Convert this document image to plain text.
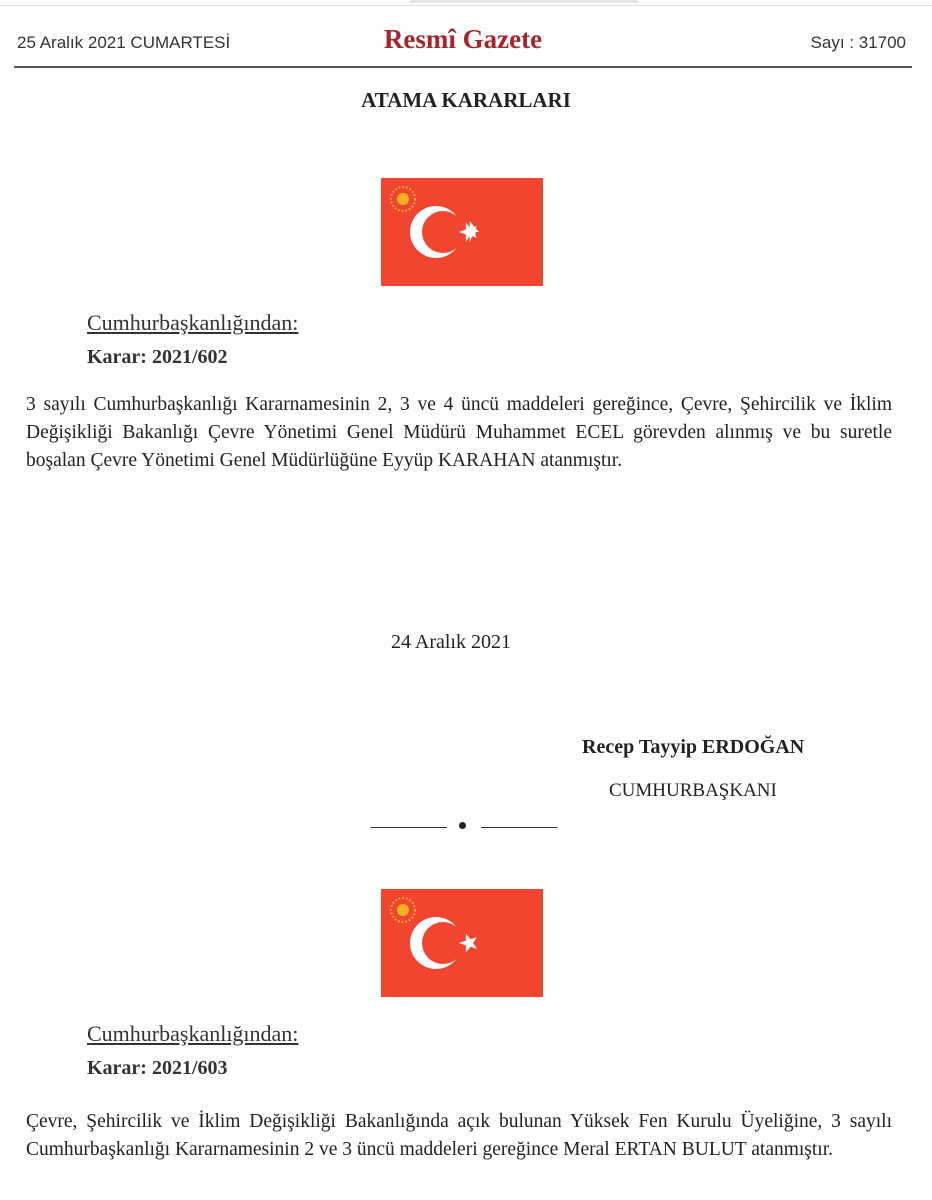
25 Aralık 2021 CUMARTESİ	Resmî Gazete	Sayı : 31700
ATAMA KARARLARI
Cumhurbaşkanlığından:
Karar: 2021/602
3 sayılı Cumhurbaşkanlığı Kararnamesinin 2, 3 ve 4 üncü maddeleri gereğince, Çevre, Şehircilik ve İklim Değişikliği Bakanlığı Çevre Yönetimi Genel Müdürü Muhammet ECEL görevden alınmış ve bu suretle boşalan Çevre Yönetimi Genel Müdürlüğüne Eyyüp KARAHAN atanmıştır.
24 Aralık 2021
Recep Tayyip ERDOĞAN
CUMHURBAŞKANI
Cumhurbaşkanlığından:
Karar: 2021/603
Çevre, Şehircilik ve İklim Değişikliği Bakanlığında açık bulunan Yüksek Fen Kurulu Üyeliğine, 3 sayılı Cumhurbaşkanlığı Kararnamesinin 2 ve 3 üncü maddeleri gereğince Meral ERTAN BULUT atanmıştır.
